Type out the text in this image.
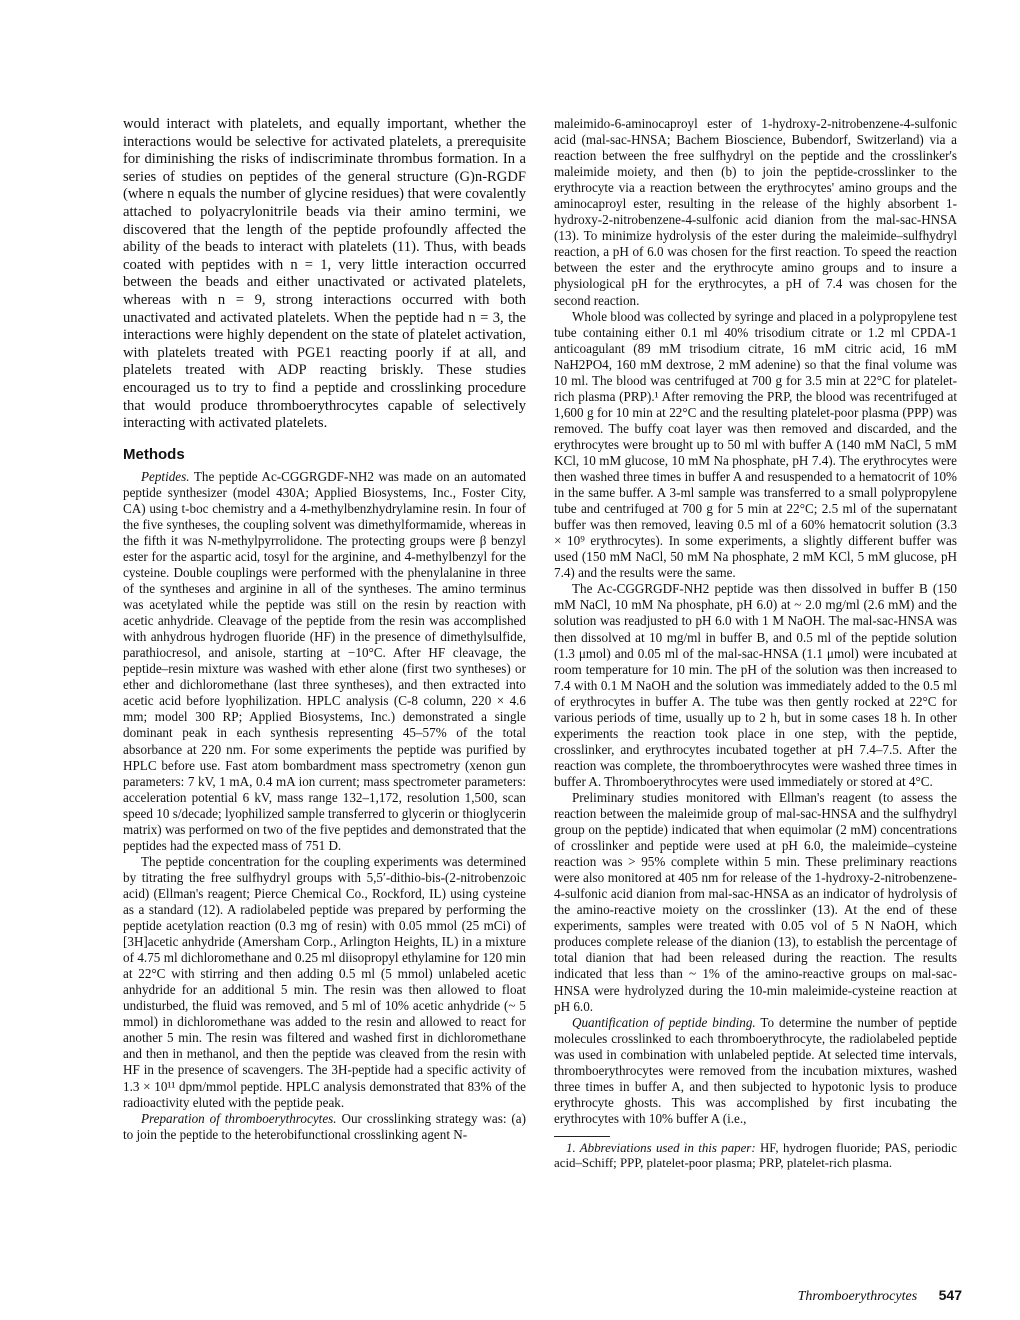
would interact with platelets, and equally important, whether the interactions would be selective for activated platelets, a prerequisite for diminishing the risks of indiscriminate thrombus formation. In a series of studies on peptides of the general structure (G)n-RGDF (where n equals the number of glycine residues) that were covalently attached to polyacrylonitrile beads via their amino termini, we discovered that the length of the peptide profoundly affected the ability of the beads to interact with platelets (11). Thus, with beads coated with peptides with n = 1, very little interaction occurred between the beads and either unactivated or activated platelets, whereas with n = 9, strong interactions occurred with both unactivated and activated platelets. When the peptide had n = 3, the interactions were highly dependent on the state of platelet activation, with platelets treated with PGE1 reacting poorly if at all, and platelets treated with ADP reacting briskly. These studies encouraged us to try to find a peptide and crosslinking procedure that would produce thromboerythrocytes capable of selectively interacting with activated platelets.

Methods

Peptides. The peptide Ac-CGGRGDF-NH2 was made on an automated peptide synthesizer (model 430A; Applied Biosystems, Inc., Foster City, CA) using t-boc chemistry and a 4-methylbenzhydrylamine resin. In four of the five syntheses, the coupling solvent was dimethylformamide, whereas in the fifth it was N-methylpyrrolidone. The protecting groups were β benzyl ester for the aspartic acid, tosyl for the arginine, and 4-methylbenzyl for the cysteine. Double couplings were performed with the phenylalanine in three of the syntheses and arginine in all of the syntheses. The amino terminus was acetylated while the peptide was still on the resin by reaction with acetic anhydride. Cleavage of the peptide from the resin was accomplished with anhydrous hydrogen fluoride (HF) in the presence of dimethylsulfide, parathiocresol, and anisole, starting at −10°C. After HF cleavage, the peptide–resin mixture was washed with ether alone (first two syntheses) or ether and dichloromethane (last three syntheses), and then extracted into acetic acid before lyophilization. HPLC analysis (C-8 column, 220 × 4.6 mm; model 300 RP; Applied Biosystems, Inc.) demonstrated a single dominant peak in each synthesis representing 45–57% of the total absorbance at 220 nm. For some experiments the peptide was purified by HPLC before use. Fast atom bombardment mass spectrometry (xenon gun parameters: 7 kV, 1 mA, 0.4 mA ion current; mass spectrometer parameters: acceleration potential 6 kV, mass range 132–1,172, resolution 1,500, scan speed 10 s/decade; lyophilized sample transferred to glycerin or thioglycerin matrix) was performed on two of the five peptides and demonstrated that the peptides had the expected mass of 751 D.

The peptide concentration for the coupling experiments was determined by titrating the free sulfhydryl groups with 5,5′-dithio-bis-(2-nitrobenzoic acid) (Ellman's reagent; Pierce Chemical Co., Rockford, IL) using cysteine as a standard (12). A radiolabeled peptide was prepared by performing the peptide acetylation reaction (0.3 mg of resin) with 0.05 mmol (25 mCi) of [3H]acetic anhydride (Amersham Corp., Arlington Heights, IL) in a mixture of 4.75 ml dichloromethane and 0.25 ml diisopropyl ethylamine for 120 min at 22°C with stirring and then adding 0.5 ml (5 mmol) unlabeled acetic anhydride for an additional 5 min. The resin was then allowed to float undisturbed, the fluid was removed, and 5 ml of 10% acetic anhydride (~ 5 mmol) in dichloromethane was added to the resin and allowed to react for another 5 min. The resin was filtered and washed first in dichloromethane and then in methanol, and then the peptide was cleaved from the resin with HF in the presence of scavengers. The 3H-peptide had a specific activity of 1.3 × 10¹¹ dpm/mmol peptide. HPLC analysis demonstrated that 83% of the radioactivity eluted with the peptide peak.

Preparation of thromboerythrocytes. Our crosslinking strategy was: (a) to join the peptide to the heterobifunctional crosslinking agent N-

maleimido-6-aminocaproyl ester of 1-hydroxy-2-nitrobenzene-4-sulfonic acid (mal-sac-HNSA; Bachem Bioscience, Bubendorf, Switzerland) via a reaction between the free sulfhydryl on the peptide and the crosslinker's maleimide moiety, and then (b) to join the peptide-crosslinker to the erythrocyte via a reaction between the erythrocytes' amino groups and the aminocaproyl ester, resulting in the release of the highly absorbent 1-hydroxy-2-nitrobenzene-4-sulfonic acid dianion from the mal-sac-HNSA (13). To minimize hydrolysis of the ester during the maleimide–sulfhydryl reaction, a pH of 6.0 was chosen for the first reaction. To speed the reaction between the ester and the erythrocyte amino groups and to insure a physiological pH for the erythrocytes, a pH of 7.4 was chosen for the second reaction.

Whole blood was collected by syringe and placed in a polypropylene test tube containing either 0.1 ml 40% trisodium citrate or 1.2 ml CPDA-1 anticoagulant (89 mM trisodium citrate, 16 mM citric acid, 16 mM NaH2PO4, 160 mM dextrose, 2 mM adenine) so that the final volume was 10 ml. The blood was centrifuged at 700 g for 3.5 min at 22°C for platelet-rich plasma (PRP).¹ After removing the PRP, the blood was recentrifuged at 1,600 g for 10 min at 22°C and the resulting platelet-poor plasma (PPP) was removed. The buffy coat layer was then removed and discarded, and the erythrocytes were brought up to 50 ml with buffer A (140 mM NaCl, 5 mM KCl, 10 mM glucose, 10 mM Na phosphate, pH 7.4). The erythrocytes were then washed three times in buffer A and resuspended to a hematocrit of 10% in the same buffer. A 3-ml sample was transferred to a small polypropylene tube and centrifuged at 700 g for 5 min at 22°C; 2.5 ml of the supernatant buffer was then removed, leaving 0.5 ml of a 60% hematocrit solution (3.3 × 10⁹ erythrocytes). In some experiments, a slightly different buffer was used (150 mM NaCl, 50 mM Na phosphate, 2 mM KCl, 5 mM glucose, pH 7.4) and the results were the same.

The Ac-CGGRGDF-NH2 peptide was then dissolved in buffer B (150 mM NaCl, 10 mM Na phosphate, pH 6.0) at ~ 2.0 mg/ml (2.6 mM) and the solution was readjusted to pH 6.0 with 1 M NaOH. The mal-sac-HNSA was then dissolved at 10 mg/ml in buffer B, and 0.5 ml of the peptide solution (1.3 μmol) and 0.05 ml of the mal-sac-HNSA (1.1 μmol) were incubated at room temperature for 10 min. The pH of the solution was then increased to 7.4 with 0.1 M NaOH and the solution was immediately added to the 0.5 ml of erythrocytes in buffer A. The tube was then gently rocked at 22°C for various periods of time, usually up to 2 h, but in some cases 18 h. In other experiments the reaction took place in one step, with the peptide, crosslinker, and erythrocytes incubated together at pH 7.4–7.5. After the reaction was complete, the thromboerythrocytes were washed three times in buffer A. Thromboerythrocytes were used immediately or stored at 4°C.

Preliminary studies monitored with Ellman's reagent (to assess the reaction between the maleimide group of mal-sac-HNSA and the sulfhydryl group on the peptide) indicated that when equimolar (2 mM) concentrations of crosslinker and peptide were used at pH 6.0, the maleimide–cysteine reaction was > 95% complete within 5 min. These preliminary reactions were also monitored at 405 nm for release of the 1-hydroxy-2-nitrobenzene-4-sulfonic acid dianion from mal-sac-HNSA as an indicator of hydrolysis of the amino-reactive moiety on the crosslinker (13). At the end of these experiments, samples were treated with 0.05 vol of 5 N NaOH, which produces complete release of the dianion (13), to establish the percentage of total dianion that had been released during the reaction. The results indicated that less than ~ 1% of the amino-reactive groups on mal-sac-HNSA were hydrolyzed during the 10-min maleimide-cysteine reaction at pH 6.0.

Quantification of peptide binding. To determine the number of peptide molecules crosslinked to each thromboerythrocyte, the radiolabeled peptide was used in combination with unlabeled peptide. At selected time intervals, thromboerythrocytes were removed from the incubation mixtures, washed three times in buffer A, and then subjected to hypotonic lysis to produce erythrocyte ghosts. This was accomplished by first incubating the erythrocytes with 10% buffer A (i.e.,

1. Abbreviations used in this paper: HF, hydrogen fluoride; PAS, periodic acid–Schiff; PPP, platelet-poor plasma; PRP, platelet-rich plasma.

Thromboerythrocytes 547
